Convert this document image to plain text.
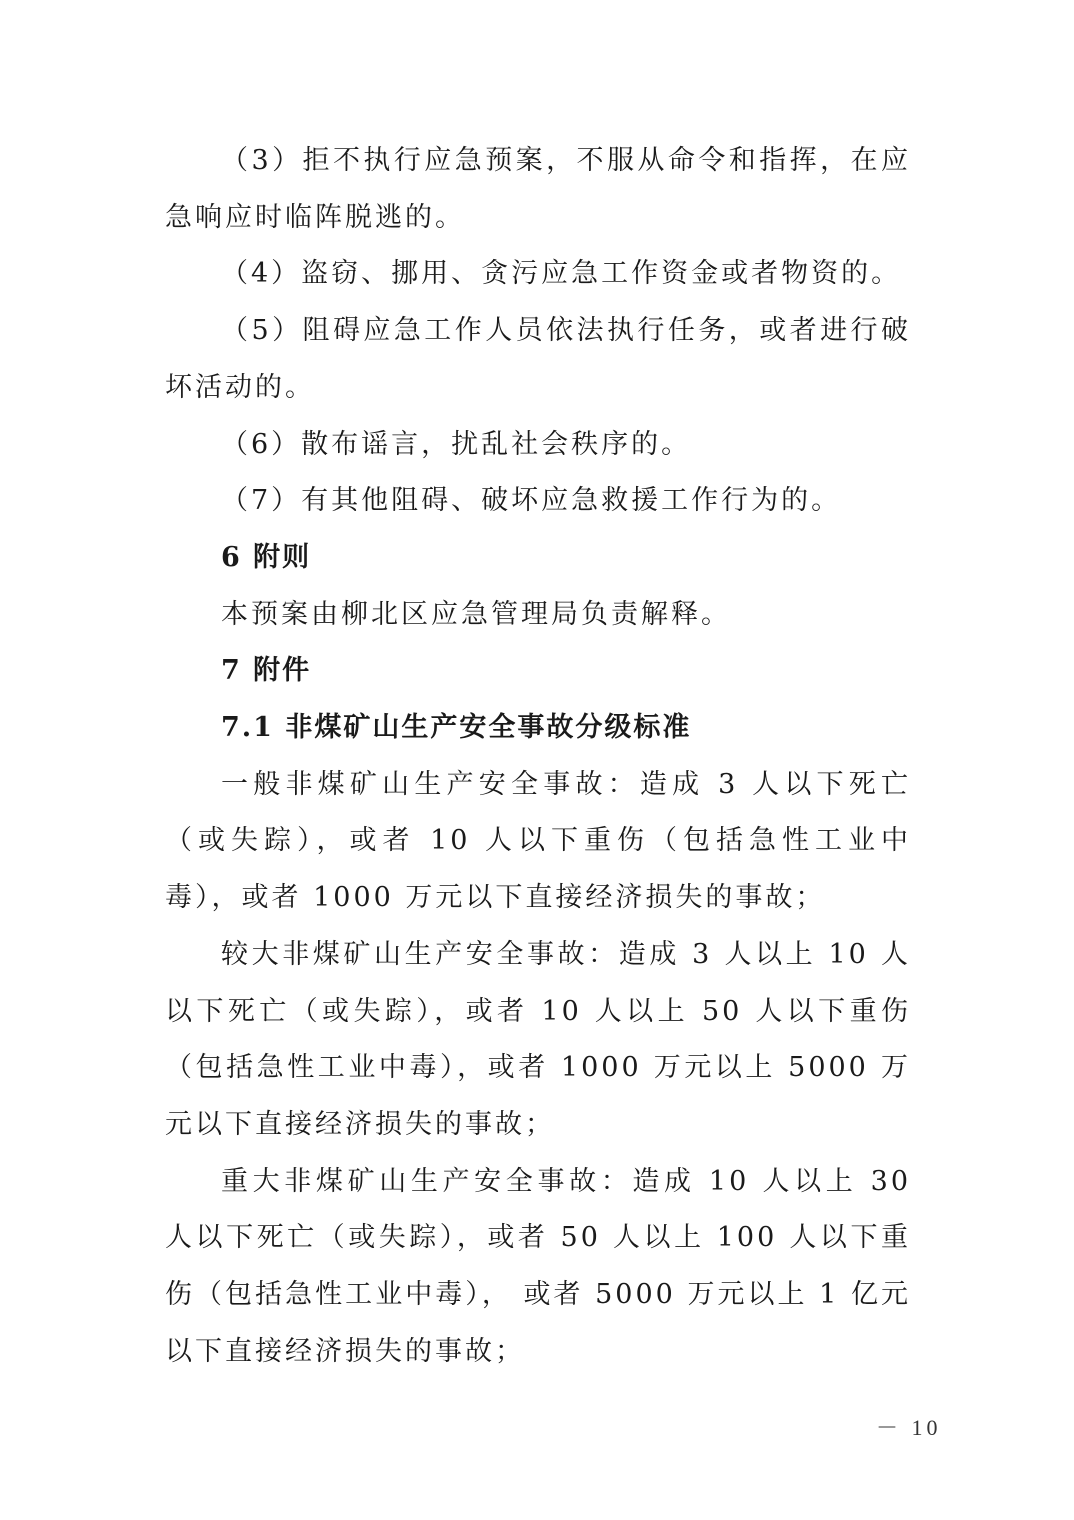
（3）拒不执行应急预案，不服从命令和指挥，在应急响应时临阵脱逃的。

（4）盗窃、挪用、贪污应急工作资金或者物资的。

（5）阻碍应急工作人员依法执行任务，或者进行破坏活动的。

（6）散布谣言，扰乱社会秩序的。

（7）有其他阻碍、破坏应急救援工作行为的。

6 附则

本预案由柳北区应急管理局负责解释。

7 附件

7.1 非煤矿山生产安全事故分级标准

一般非煤矿山生产安全事故：造成 3 人以下死亡（或失踪），或者 10 人以下重伤（包括急性工业中毒），或者 1000 万元以下直接经济损失的事故；

较大非煤矿山生产安全事故：造成 3 人以上 10 人以下死亡（或失踪），或者 10 人以上 50 人以下重伤（包括急性工业中毒），或者 1000 万元以上 5000 万元以下直接经济损失的事故；

重大非煤矿山生产安全事故：造成 10 人以上 30 人以下死亡（或失踪），或者 50 人以上 100 人以下重伤（包括急性工业中毒）， 或者 5000 万元以上 1 亿元以下直接经济损失的事故；

－ 10
